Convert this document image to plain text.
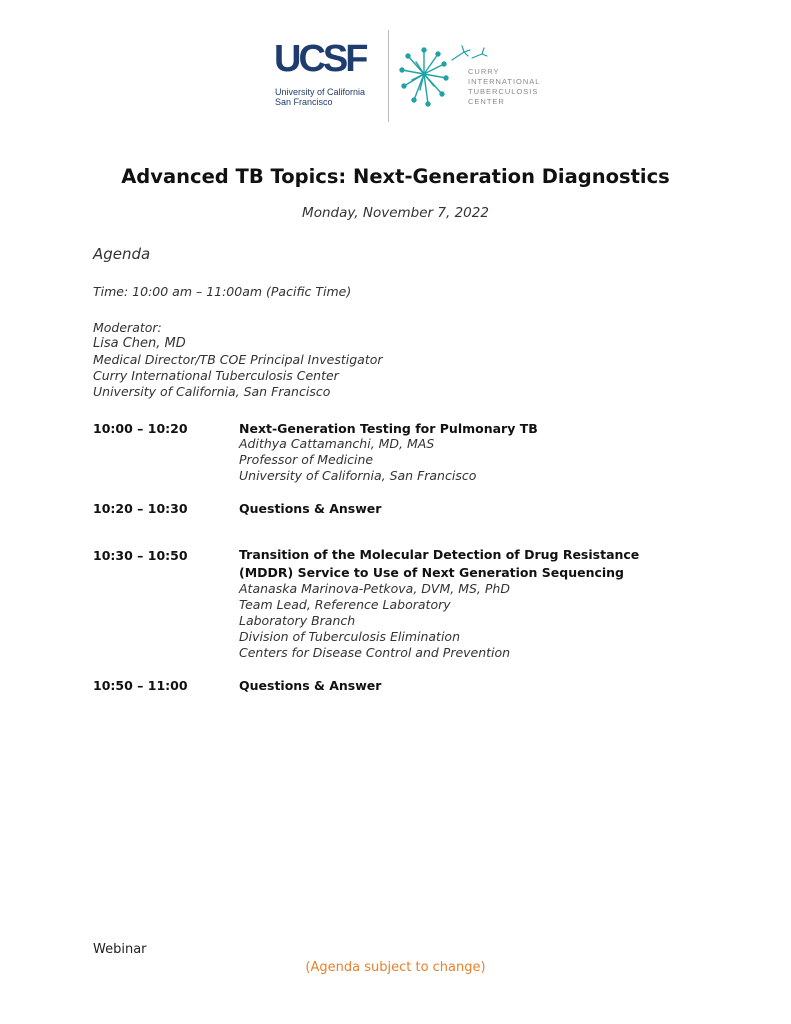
UCSF
University of California
San Francisco
CURRY
INTERNATIONAL
TUBERCULOSIS
CENTER
Advanced TB Topics: Next-Generation Diagnostics
Monday, November 7, 2022
Agenda
Time: 10:00 am – 11:00am (Pacific Time)
Moderator:
Lisa Chen, MD
Medical Director/TB COE Principal Investigator
Curry International Tuberculosis Center
University of California, San Francisco
10:00 – 10:20	Next-Generation Testing for Pulmonary TB
Adithya Cattamanchi, MD, MAS
Professor of Medicine
University of California, San Francisco
10:20 – 10:30	Questions & Answer
10:30 – 10:50	Transition of the Molecular Detection of Drug Resistance
(MDDR) Service to Use of Next Generation Sequencing
Atanaska Marinova-Petkova, DVM, MS, PhD
Team Lead, Reference Laboratory
Laboratory Branch
Division of Tuberculosis Elimination
Centers for Disease Control and Prevention
10:50 – 11:00	Questions & Answer
Webinar
(Agenda subject to change)
